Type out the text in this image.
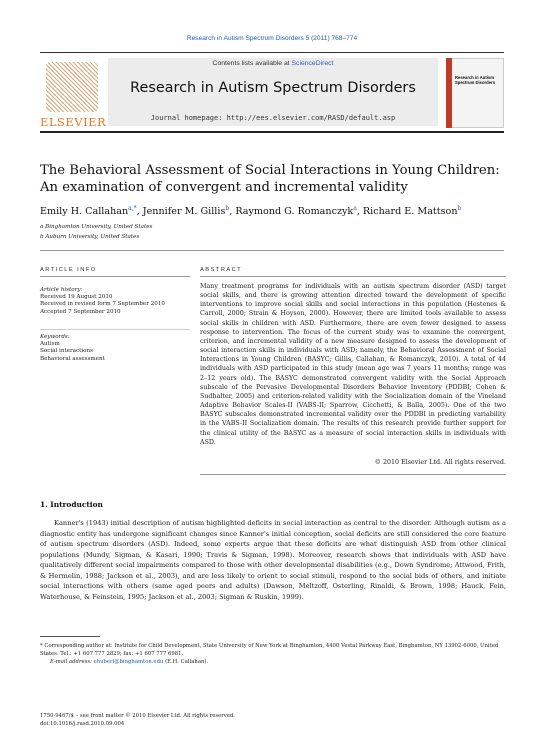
Research in Autism Spectrum Disorders 5 (2011) 768–774
ELSEVIER
Contents lists available at ScienceDirect
Research in Autism Spectrum Disorders
Journal homepage: http://ees.elsevier.com/RASD/default.asp
Research in Autism Spectrum Disorders
The Behavioral Assessment of Social Interactions in Young Children:
An examination of convergent and incremental validity
Emily H. Callahan$^{a,*}$, Jennifer M. Gillis$^b$, Raymond G. Romanczyk$^a$, Richard E. Mattson$^b$
a Binghamton University, United States
b Auburn University, United States
ARTICLE INFO
Article history:
Received 19 August 2010
Received in revised form 7 September 2010
Accepted 7 September 2010
Keywords:
Autism
Social interactions
Behavioral assessment
ABSTRACT
Many treatment programs for individuals with an autism spectrum disorder (ASD) target social skills, and there is growing attention directed toward the development of specific interventions to improve social skills and social interactions in this population (Hestenes & Carroll, 2000; Strain & Hoyson, 2000). However, there are limited tools available to assess social skills in children with ASD. Furthermore, there are even fewer designed to assess response to intervention. The focus of the current study was to examine the convergent, criterion, and incremental validity of a new measure designed to assess the development of social interaction skills in individuals with ASD; namely, the Behavioral Assessment of Social Interactions in Young Children (BASYC; Gillis, Callahan, & Romanczyk, 2010). A total of 44 individuals with ASD participated in this study (mean age was 7 years 11 months; range was 2–12 years old). The BASYC demonstrated convergent validity with the Social Approach subscale of the Pervasive Developmental Disorders Behavior Inventory (PDDBI; Cohen & Sudhalter, 2005) and criterion-related validity with the Socialization domain of the Vineland Adaptive Behavior Scales-II (VABS-II; Sparrow, Cicchetti, & Balla, 2005). One of the two BASYC subscales demonstrated incremental validity over the PDDBI in predicting variability in the VABS-II Socialization domain. The results of this research provide further support for the clinical utility of the BASYC as a measure of social interaction skills in individuals with ASD.
© 2010 Elsevier Ltd. All rights reserved.
1. Introduction

Kanner's (1943) initial description of autism highlighted deficits in social interaction as central to the disorder. Although autism as a diagnostic entity has undergone significant changes since Kanner's initial conception, social deficits are still considered the core feature of autism spectrum disorders (ASD). Indeed, some experts argue that these deficits are what distinguish ASD from other clinical populations (Mundy, Sigman, & Kasari, 1990; Travis & Sigman, 1998). Moreover, research shows that individuals with ASD have qualitatively different social impairments compared to those with other developmental disabilities (e.g., Down Syndrome; Attwood, Frith, & Hermelin, 1988; Jackson et al., 2003), and are less likely to orient to social stimuli, respond to the social bids of others, and initiate social interactions with others (same aged peers and adults) (Dawson, Meltzoff, Osterling, Rinaldi, & Brown, 1998; Hauck, Fein, Waterhouse, & Feinstein, 1995; Jackson et al., 2003; Sigman & Ruskin, 1999).

* Corresponding author at: Institute for Child Development, State University of New York at Binghamton, 4400 Vestal Parkway East, Binghamton, NY 13902-6000, United States. Tel.: +1 607 777 2829; fax: +1 607 777 6981.
E-mail address: ehuberl@binghamton.edu (E.H. Callahan).
1750-9467/$ – see front matter © 2010 Elsevier Ltd. All rights reserved.
doi:10.1016/j.rasd.2010.09.004
